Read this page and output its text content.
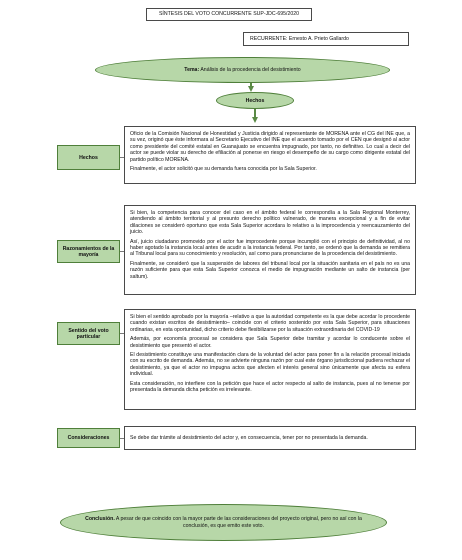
SÍNTESIS DEL VOTO CONCURRENTE SUP-JDC-695/2020
RECURRENTE: Ernesto A. Prieto Gallardo
Tema: Análisis de la procedencia del desistimiento
Hechos
Hechos

Oficio de la Comisión Nacional de Honestidad y Justicia dirigido al representante de MORENA ante el CG del INE que, a su vez, originó que éste informara al Secretario Ejecutivo del INE que el acuerdo tomado por el CEN que designó al actor como presidente del comité estatal en Guanajuato se encuentra impugnado, por tanto, no definitivo. Lo cual a decir del actor se puede violar su derecho de efiliación al ponerse en riesgo el desempeño de su cargo como dirigente estatal del partido político MORENA.

Finalmente, el actor solicitó que su demanda fuera conocida por la Sala Superior.

Razonamientos de la mayoría

Si bien, la competencia para conocer del caso en el ámbito federal le correspondía a la Sala Regional Monterrey, atendiendo al ámbito territorial y al presunto derecho político vulnerado, de manera excepcional y a fin de evitar dilaciones se consideró oportuno que esta Sala Superior acordara lo relativo a la improcedencia y reencauzamiento del juicio.

Así, juicio ciudadano promovido por el actor fue improcedente porque incumplió con el principio de definitividad, al no haber agotado la instancia local antes de acudir a la instancia federal. Por tanto, se ordenó que la demanda se remitiera al Tribunal local para su conocimiento y resolución, así como para pronunciarse de la procedencia del desistimiento.

Finalmente, se consideró que la suspensión de labores del tribunal local por la situación sanitaria en el país no es una razón suficiente para que esta Sala Superior conozca el medio de impugnación mediante un salto de instancia (per saltum).

Sentido del voto particular

Si bien el sentido aprobado por la mayoría –relativo a que la autoridad competente es la que debe acordar lo procedente cuando existan escritos de desistimiento– coincide con el criterio sostenido por esta Sala Superior, para situaciones ordinarias, en esta oportunidad, dicho criterio debe flexibilizarse por la situación extraordinaria del COVID-19

Además, por economía procesal se considera que Sala Superior debe tramitar y acordar lo conducente sobre el desistimiento que presentó el actor.

El desistimiento constituye una manifestación clara de la voluntad del actor para poner fin a la relación procesal iniciada con su escrito de demanda. Además, no se advierte ninguna razón por cual este órgano jurisdiccional pudiera rechazar el desistimiento, ya que el actor no impugna actos que afecten el interés general sino únicamente que afecta su esfera individual.

Esta consideración, no interfiere con la petición que hace el actor respecto al salto de instancia, pues al no tenerse por presentada la demanda dicha petición es irrelevante.

Consideraciones	Se debe dar trámite al desistimiento del actor y, en consecuencia, tener por no presentada la demanda.

Conclusión. A pesar de que coincido con la mayor parte de las consideraciones del proyecto original, pero no así con la conclusión, es que emito este voto.
